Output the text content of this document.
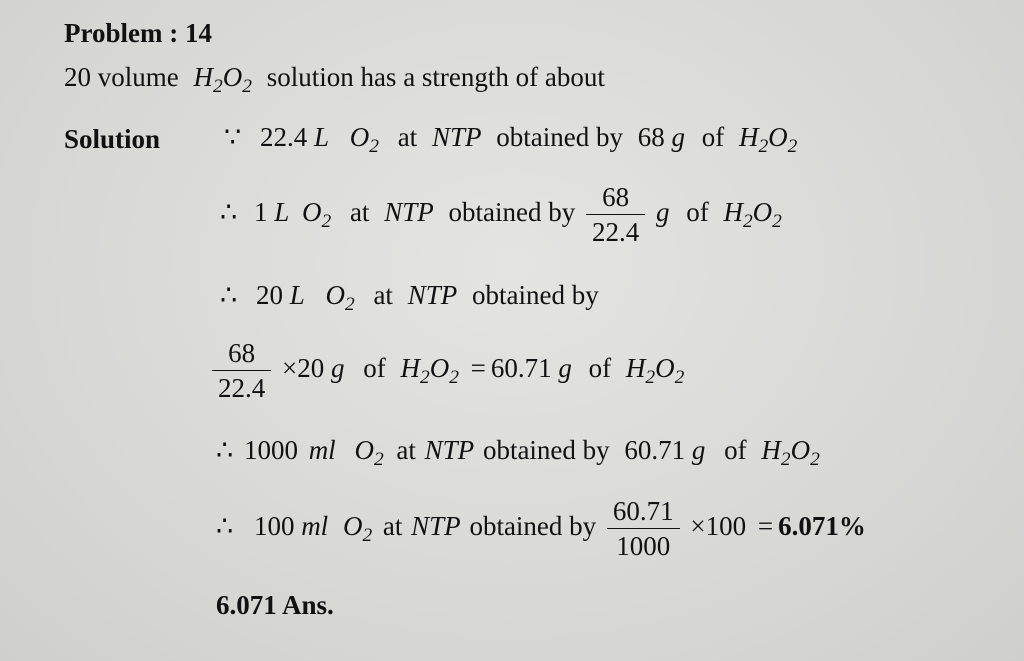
Problem : 14
20 volume $H_2O_2$ solution has a strength of about
Solution ∵ 22.4 L $O_2$ at NTP obtained by 68 g of $H_2O_2$
∴ 1 L $O_2$ at NTP obtained by $\frac{68}{22.4}$ g of $H_2O_2$
∴ 20 L $O_2$ at NTP obtained by
$\frac{68}{22.4} \times 20$ g of $H_2O_2 = 60.71$ g of $H_2O_2$
∴ 1000 ml $O_2$ at NTP obtained by 60.71 g of $H_2O_2$
∴ 100 ml $O_2$ at NTP obtained by $\frac{60.71}{1000} \times 100 = 6.071\%$
6.071 Ans.
